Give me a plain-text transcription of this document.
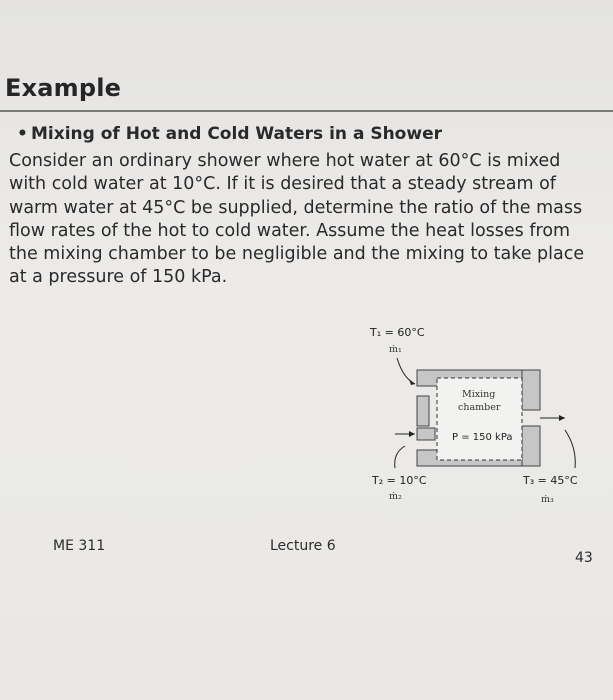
Example
• Mixing of Hot and Cold Waters in a Shower
Consider an ordinary shower where hot water at 60°C is mixed
with cold water at 10°C. If it is desired that a steady stream of
warm water at 45°C be supplied, determine the ratio of the mass
flow rates of the hot to cold water. Assume the heat losses from
the mixing chamber to be negligible and the mixing to take place
at a pressure of 150 kPa.
T₁ = 60°C
ṁ₁
Mixing
chamber
P = 150 kPa
T₂ = 10°C
ṁ₂
T₃ = 45°C
ṁ₃
ME 311	Lecture 6
43
